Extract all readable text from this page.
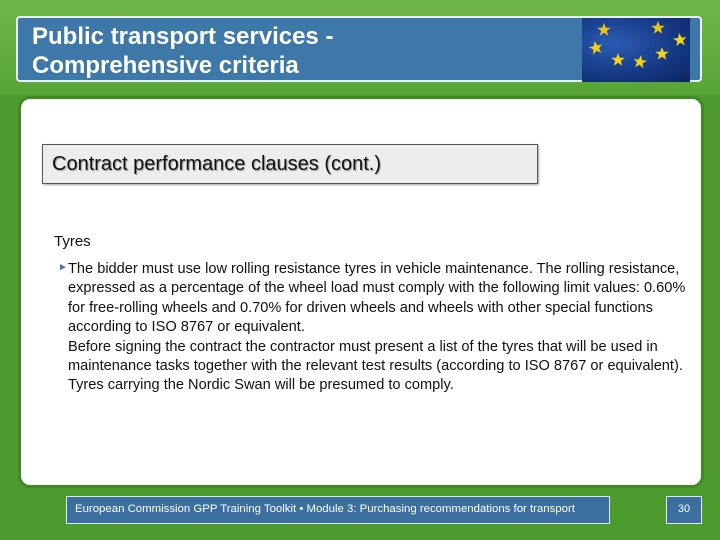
Public transport services -
Comprehensive criteria
Contract performance clauses (cont.)
Tyres
► The bidder must use low rolling resistance tyres in vehicle maintenance. The rolling resistance, expressed as a percentage of the wheel load must comply with the following limit values: 0.60% for free-rolling wheels and 0.70% for driven wheels and wheels with other special functions according to ISO 8767 or equivalent.

Before signing the contract the contractor must present a list of the tyres that will be used in maintenance tasks together with the relevant test results (according to ISO 8767 or equivalent). Tyres carrying the Nordic Swan will be presumed to comply.

European Commission GPP Training Toolkit • Module 3: Purchasing recommendations for transport	30
